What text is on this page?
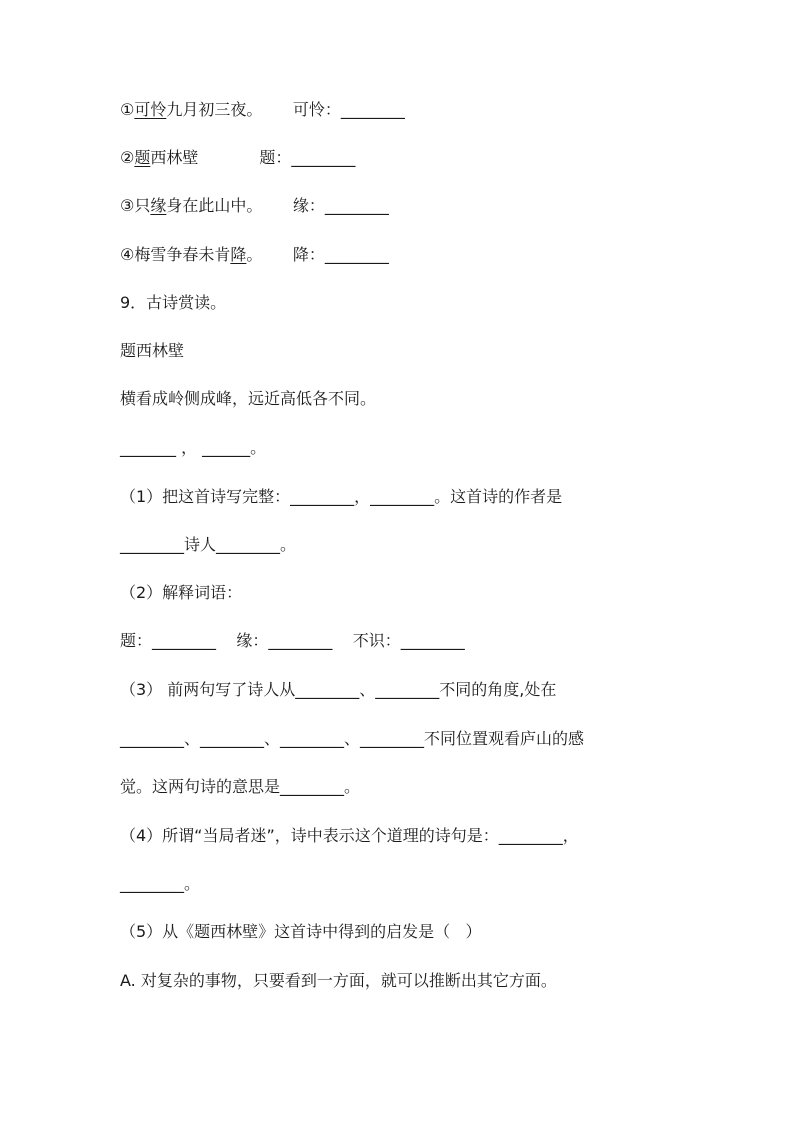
①可怜九月初三夜。 可怜：________
②题西林壁	题：________
③只缘身在此山中。 缘：________
④梅雪争春未肯降。 降：________
9．古诗赏读。
题西林壁
横看成岭侧成峰，远近高低各不同。
_______ ， ______。
（1）把这首诗写完整：________，________。这首诗的作者是
________诗人________。
（2）解释词语：
题：________    缘：________    不识：________
（3） 前两句写了诗人从________、________不同的角度,处在
________、________、________、________不同位置观看庐山的感
觉。这两句诗的意思是________。
（4）所谓“当局者迷”，诗中表示这个道理的诗句是：________，
________。
（5）从《题西林壁》这首诗中得到的启发是（   ）
A. 对复杂的事物，只要看到一方面，就可以推断出其它方面。
